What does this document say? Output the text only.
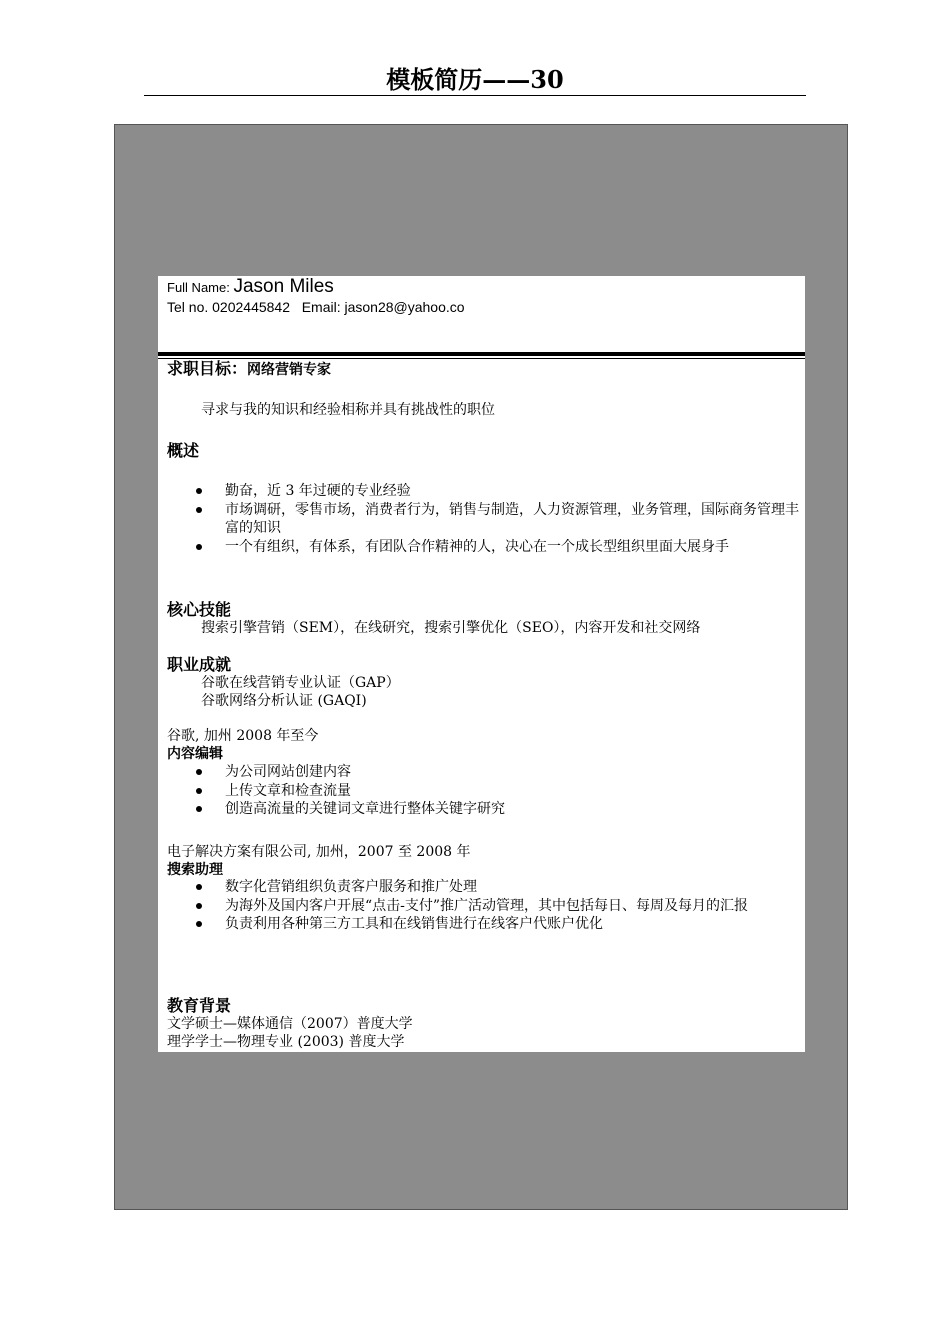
模板简历——30
Full Name: Jason Miles
Tel no. 0202445842 Email: jason28@yahoo.co
求职目标：网络营销专家
寻求与我的知识和经验相称并具有挑战性的职位
概述
勤奋，近 3 年过硬的专业经验
市场调研，零售市场，消费者行为，销售与制造，人力资源管理，业务管理，国际商务管理丰富的知识
一个有组织，有体系，有团队合作精神的人，决心在一个成长型组织里面大展身手
核心技能
搜索引擎营销（SEM），在线研究，搜索引擎优化（SEO），内容开发和社交网络
职业成就
谷歌在线营销专业认证（GAP）
谷歌网络分析认证 (GAQI)
谷歌, 加州 2008 年至今
内容编辑
为公司网站创建内容
上传文章和检查流量
创造高流量的关键词文章进行整体关键字研究
电子解决方案有限公司, 加州，2007 至 2008 年
搜索助理
数字化营销组织负责客户服务和推广处理
为海外及国内客户开展“点击-支付”推广活动管理，其中包括每日、每周及每月的汇报
负责利用各种第三方工具和在线销售进行在线客户代账户优化
教育背景
文学硕士—媒体通信（2007）普度大学
理学学士—物理专业 (2003) 普度大学
